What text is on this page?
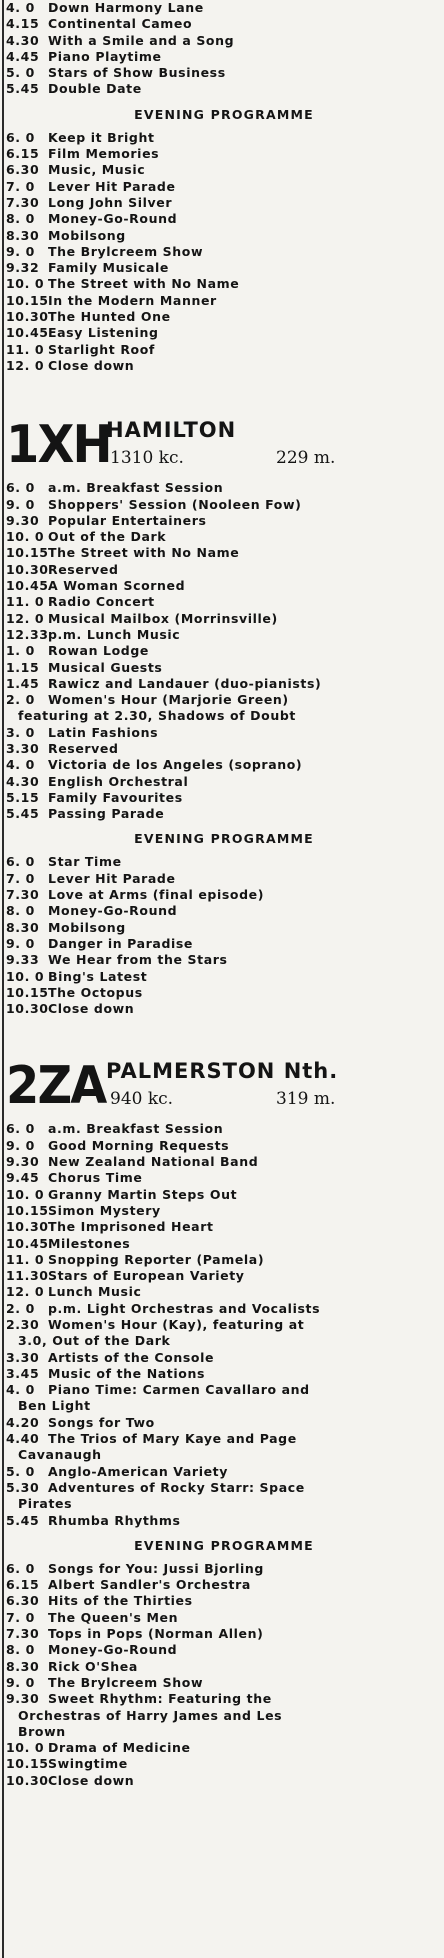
4. 0	Down Harmony Lane
4.15 Continental Cameo
4.30 With a Smile and a Song
4.45 Piano Playtime
5. 0	Stars of Show Business
5.45 Double Date
EVENING PROGRAMME
6. 0	Keep it Bright
6.15 Film Memories
6.30 Music, Music
7. 0	Lever Hit Parade
7.30 Long John Silver
8. 0	Money-Go-Round
8.30 Mobilsong
9. 0	The Brylcreem Show
9.32 Family Musicale
10. 0 The Street with No Name
10.15 In the Modern Manner
10.30 The Hunted One
10.45 Easy Listening
11. 0 Starlight Roof
12. 0 Close down
1XH
HAMILTON
1310 kc.	229 m.
6. 0	a.m. Breakfast Session
9. 0	Shoppers' Session (Nooleen Fow)
9.30 Popular Entertainers
10. 0 Out of the Dark
10.15 The Street with No Name
10.30 Reserved
10.45 A Woman Scorned
11. 0 Radio Concert
12. 0 Musical Mailbox (Morrinsville)
12.33 p.m. Lunch Music
1. 0	Rowan Lodge
1.15 Musical Guests
1.45 Rawicz and Landauer (duo-pianists)
2. 0	Women's Hour (Marjorie Green)
featuring at 2.30, Shadows of Doubt
3. 0	Latin Fashions
3.30 Reserved
4. 0	Victoria de los Angeles (soprano)
4.30 English Orchestral
5.15 Family Favourites
5.45 Passing Parade
EVENING PROGRAMME
6. 0	Star Time
7. 0	Lever Hit Parade
7.30 Love at Arms (final episode)
8. 0	Money-Go-Round
8.30 Mobilsong
9. 0	Danger in Paradise
9.33 We Hear from the Stars
10. 0 Bing's Latest
10.15 The Octopus
10.30 Close down
2ZA PALMERSTON Nth.
940 kc.	319 m.
6. 0	a.m. Breakfast Session
9. 0	Good Morning Requests
9.30 New Zealand National Band
9.45 Chorus Time
10. 0 Granny Martin Steps Out
10.15 Simon Mystery
10.30 The Imprisoned Heart
10.45 Milestones
11. 0 Snopping Reporter (Pamela)
11.30 Stars of European Variety
12. 0 Lunch Music
2. 0	p.m. Light Orchestras and Vocalists
2.30 Women's Hour (Kay), featuring at
3.0, Out of the Dark
3.30 Artists of the Console
3.45 Music of the Nations
4. 0	Piano Time: Carmen Cavallaro and
Ben Light
4.20 Songs for Two
4.40 The Trios of Mary Kaye and Page
Cavanaugh
5. 0	Anglo-American Variety
5.30 Adventures of Rocky Starr: Space
Pirates
5.45 Rhumba Rhythms
EVENING PROGRAMME
6. 0	Songs for You: Jussi Bjorling
6.15 Albert Sandler's Orchestra
6.30 Hits of the Thirties
7. 0	The Queen's Men
7.30 Tops in Pops (Norman Allen)
8. 0	Money-Go-Round
8.30 Rick O'Shea
9. 0	The Brylcreem Show
9.30 Sweet Rhythm: Featuring the
Orchestras of Harry James and Les
Brown
10. 0 Drama of Medicine
10.15 Swingtime
10.30 Close down
